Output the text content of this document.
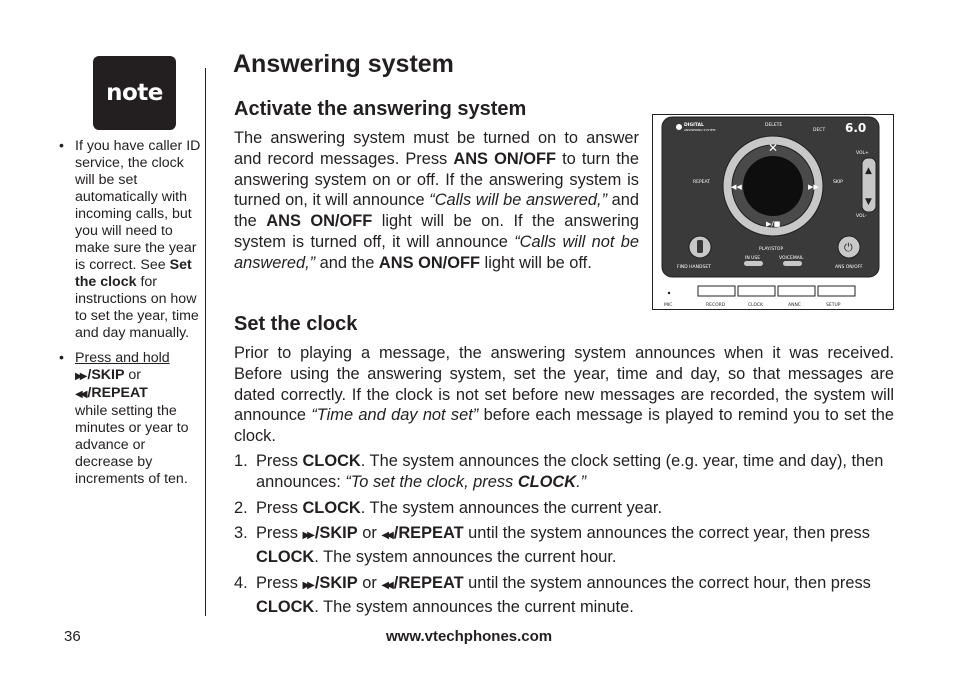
note
• If you have caller ID service, the clock will be set automatically with incoming calls, but you will need to make sure the year is correct. See Set the clock for instructions on how to set the year, time and day manually.
• Press and hold
▶▶ /SKIP or
◀◀ /REPEAT
while setting the minutes or year to advance or decrease by increments of ten.
Answering system
Activate the answering system
The answering system must be turned on to answer and record messages. Press ANS ON/OFF to turn the answering system on or off. If the answering system is turned on, it will announce “Calls will be answered,” and the ANS ON/OFF light will be on. If the answering system is turned off, it will announce “Calls will not be answered,” and the ANS ON/OFF light will be off.
DIGITAL
ANSWERING SYSTEM	DECT 6.0
DELETE
✕
◀◀	▶▶
▶/■
REPEAT	SKIP
PLAY/STOP
VOL+
VOL-
▲
▼
FIND HANDSET
IN USE	VOICEMAIL
⏻
ANS ON/OFF
MIC	RECORD	CLOCK	ANNC	SETUP
Set the clock
Prior to playing a message, the answering system announces when it was received. Before using the answering system, set the year, time and day, so that messages are dated correctly. If the clock is not set before new messages are recorded, the system will announce “Time and day not set” before each message is played to remind you to set the clock.
1. Press CLOCK. The system announces the clock setting (e.g. year, time and day), then announces: “To set the clock, press CLOCK.”
2. Press CLOCK. The system announces the current year.
3. Press ▶▶ /SKIP or ◀◀ /REPEAT until the system announces the correct year, then press CLOCK. The system announces the current hour.
4. Press ▶▶ /SKIP or ◀◀ /REPEAT until the system announces the correct hour, then press CLOCK. The system announces the current minute.
36	www.vtechphones.com
